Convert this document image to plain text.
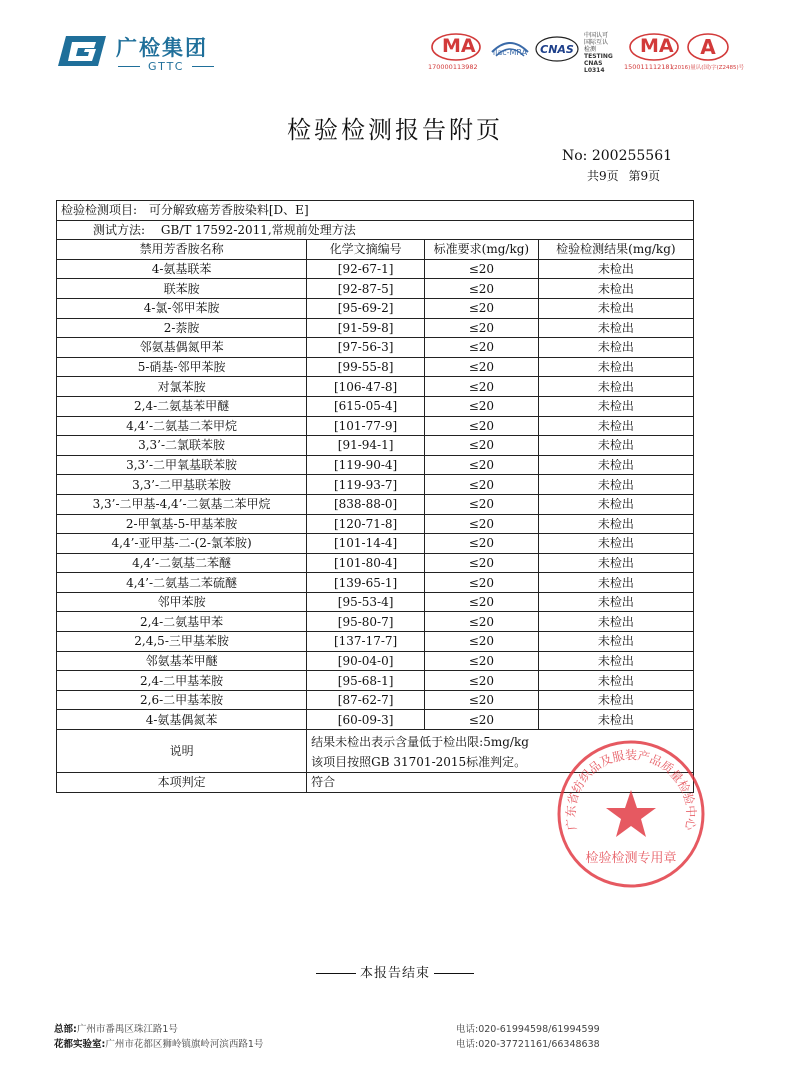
广检集团
GTTC
MA
170000113982
ilac-MRA CNAS
中国认可
国际互认
检测
TESTING
CNAS L0314
MA
150011112181
A
(2016)量认(国)字(Z2485)号
检验检测报告附页
No: 200255561
共9页 第9页
检验检测项目: 可分解致癌芳香胺染料[D、E]			
测试方法: GB/T 17592-2011,常规前处理方法			
禁用芳香胺名称	化学文摘编号	标准要求(mg/kg)	检验检测结果(mg/kg)
4-氨基联苯	[92-67-1]	≤20	未检出
联苯胺	[92-87-5]	≤20	未检出
4-氯-邻甲苯胺	[95-69-2]	≤20	未检出
2-萘胺	[91-59-8]	≤20	未检出
邻氨基偶氮甲苯	[97-56-3]	≤20	未检出
5-硝基-邻甲苯胺	[99-55-8]	≤20	未检出
对氯苯胺	[106-47-8]	≤20	未检出
2,4-二氨基苯甲醚	[615-05-4]	≤20	未检出
4,4’-二氨基二苯甲烷	[101-77-9]	≤20	未检出
3,3’-二氯联苯胺	[91-94-1]	≤20	未检出
3,3’-二甲氧基联苯胺	[119-90-4]	≤20	未检出
3,3’-二甲基联苯胺	[119-93-7]	≤20	未检出
3,3’-二甲基-4,4’-二氨基二苯甲烷	[838-88-0]	≤20	未检出
2-甲氧基-5-甲基苯胺	[120-71-8]	≤20	未检出
4,4’-亚甲基-二-(2-氯苯胺)	[101-14-4]	≤20	未检出
4,4’-二氨基二苯醚	[101-80-4]	≤20	未检出
4,4’-二氨基二苯硫醚	[139-65-1]	≤20	未检出
邻甲苯胺	[95-53-4]	≤20	未检出
2,4-二氨基甲苯	[95-80-7]	≤20	未检出
2,4,5-三甲基苯胺	[137-17-7]	≤20	未检出
邻氨基苯甲醚	[90-04-0]	≤20	未检出
2,4-二甲基苯胺	[95-68-1]	≤20	未检出
2,6-二甲基苯胺	[87-62-7]	≤20	未检出
4-氨基偶氮苯	[60-09-3]	≤20	未检出
说明	结果未检出表示含量低于检出限:5mg/kg
该项目按照GB 31701-2015标准判定。		

本项判定	符合		
广东省纺织品及服装产品质量检验中心
检验检测专用章
本报告结束
总部:广州市番禺区珠江路1号	电话:020-61994598/61994599
花都实验室:广州市花都区狮岭镇旗岭河滨西路1号	电话:020-37721161/66348638
